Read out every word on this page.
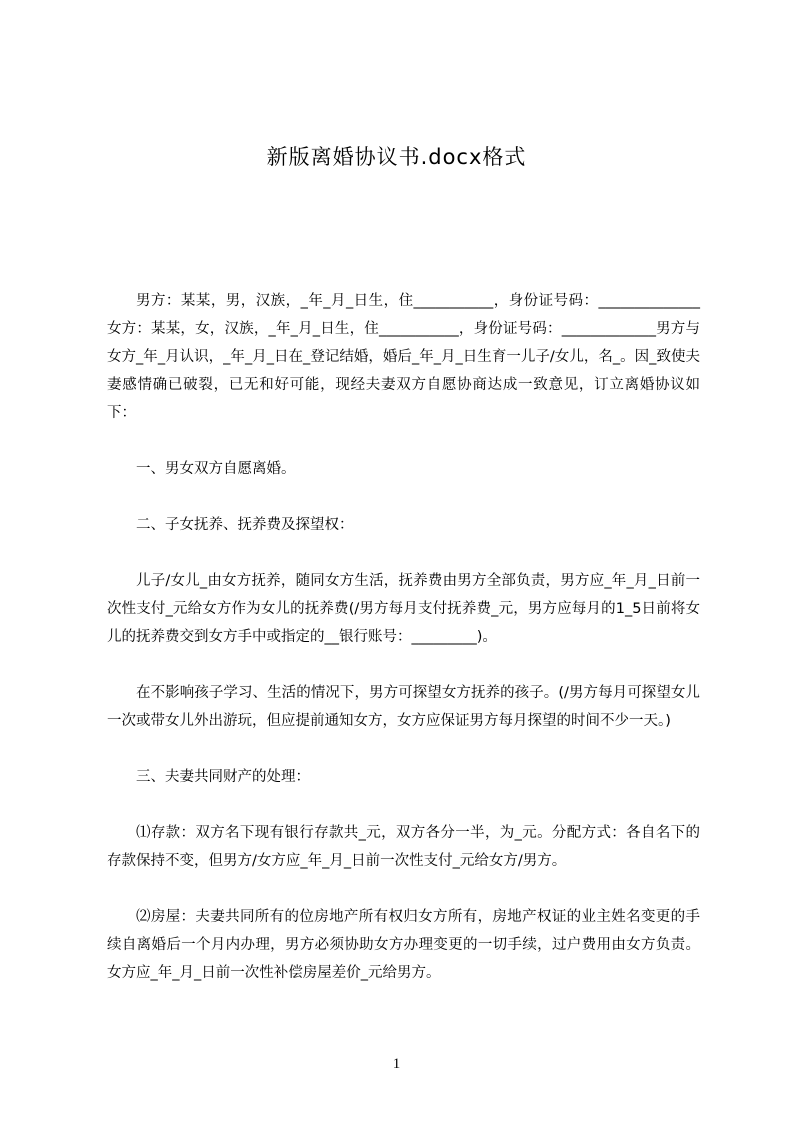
新版离婚协议书.docx格式

男方：某某，男，汉族，_年_月_日生，住___________，身份证号码：______________女方：某某，女，汉族，_年_月_日生，住___________，身份证号码：_____________男方与女方_年_月认识，_年_月_日在_登记结婚，婚后_年_月_日生育一儿子/女儿，名_。因_致使夫妻感情确已破裂，已无和好可能，现经夫妻双方自愿协商达成一致意见，订立离婚协议如下：

一、男女双方自愿离婚。

二、子女抚养、抚养费及探望权：

儿子/女儿_由女方抚养，随同女方生活，抚养费由男方全部负责，男方应_年_月_日前一次性支付_元给女方作为女儿的抚养费(/男方每月支付抚养费_元，男方应每月的1_5日前将女儿的抚养费交到女方手中或指定的__银行账号：_________)。

在不影响孩子学习、生活的情况下，男方可探望女方抚养的孩子。(/男方每月可探望女儿一次或带女儿外出游玩，但应提前通知女方，女方应保证男方每月探望的时间不少一天。)

三、夫妻共同财产的处理：

⑴存款：双方名下现有银行存款共_元，双方各分一半，为_元。分配方式：各自名下的存款保持不变，但男方/女方应_年_月_日前一次性支付_元给女方/男方。

⑵房屋：夫妻共同所有的位房地产所有权归女方所有，房地产权证的业主姓名变更的手续自离婚后一个月内办理，男方必须协助女方办理变更的一切手续，过户费用由女方负责。女方应_年_月_日前一次性补偿房屋差价_元给男方。

1
